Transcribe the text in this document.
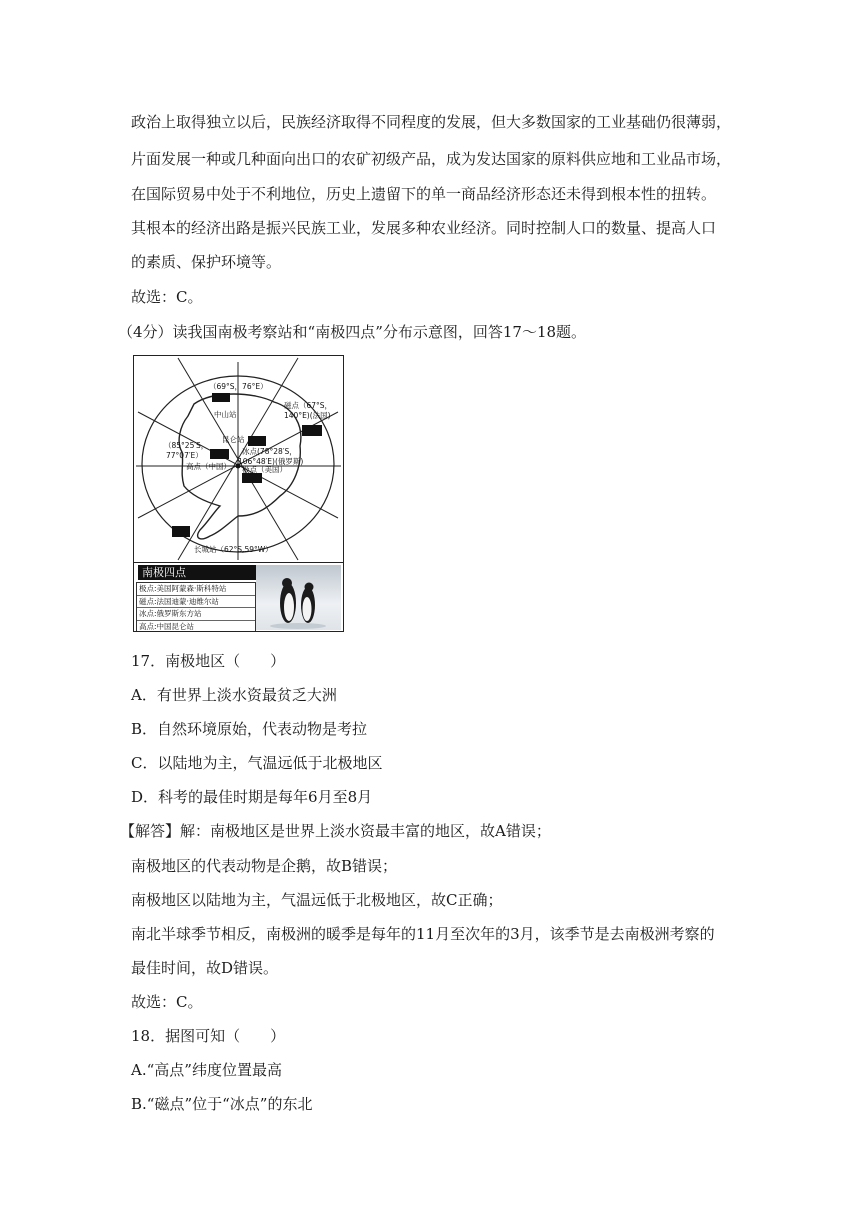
政治上取得独立以后，民族经济取得不同程度的发展，但大多数国家的工业基础仍很薄弱，
片面发展一种或几种面向出口的农矿初级产品，成为发达国家的原料供应地和工业品市场，
在国际贸易中处于不利地位，历史上遗留下的单一商品经济形态还未得到根本性的扭转。
其根本的经济出路是振兴民族工业，发展多种农业经济。同时控制人口的数量、提高人口
的素质、保护环境等。
故选：C。
（4分）读我国南极考察站和“南极四点”分布示意图，回答17～18题。
（69°S，76°E）
中山站
磁点（67°S，
140°E)(法国)
昆仑站
（85°25′S，
77°07′E）
高点（中国）
冰点(78°28′S，
106°48′E)(俄罗斯)
极点（美国）
长城站（62°S,59°W）
南极四点
极点:美国阿蒙森·斯科特站
磁点:法国迪蒙·迪维尔站
冰点:俄罗斯东方站
高点:中国昆仑站
17．南极地区（　　）
A．有世界上淡水资最贫乏大洲
B．自然环境原始，代表动物是考拉
C．以陆地为主，气温远低于北极地区
D．科考的最佳时期是每年6月至8月
【解答】解：南极地区是世界上淡水资最丰富的地区，故A错误；
南极地区的代表动物是企鹅，故B错误；
南极地区以陆地为主，气温远低于北极地区，故C正确；
南北半球季节相反，南极洲的暖季是每年的11月至次年的3月，该季节是去南极洲考察的
最佳时间，故D错误。
故选：C。
18．据图可知（　　）
A.“高点”纬度位置最高
B.“磁点”位于“冰点”的东北
